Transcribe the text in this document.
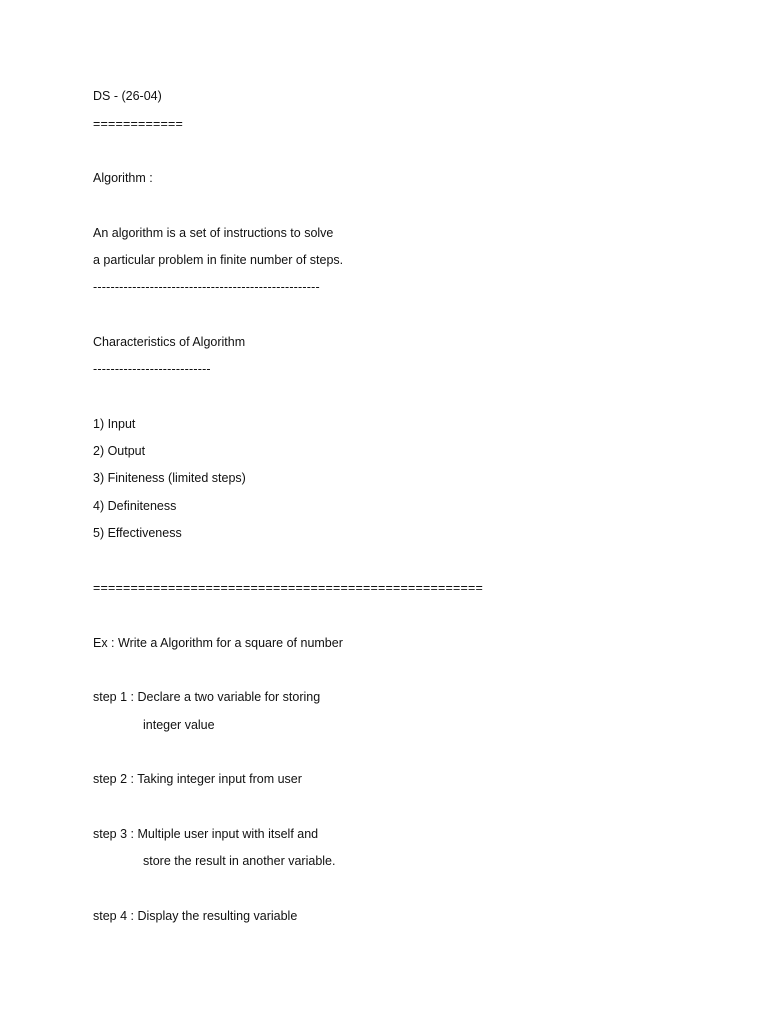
DS - (26-04)
============
Algorithm :
An algorithm is a set of instructions to solve
a particular problem in finite number of steps.
----------------------------------------------------
Characteristics of Algorithm
---------------------------
1) Input
2) Output
3) Finiteness (limited steps)
4) Definiteness
5) Effectiveness
====================================================
Ex : Write a Algorithm for a square of number
step 1 : Declare a two variable for storing
integer value
step 2 : Taking integer input from user
step 3 : Multiple user input with itself and
store the result in another variable.
step 4 : Display the resulting variable
